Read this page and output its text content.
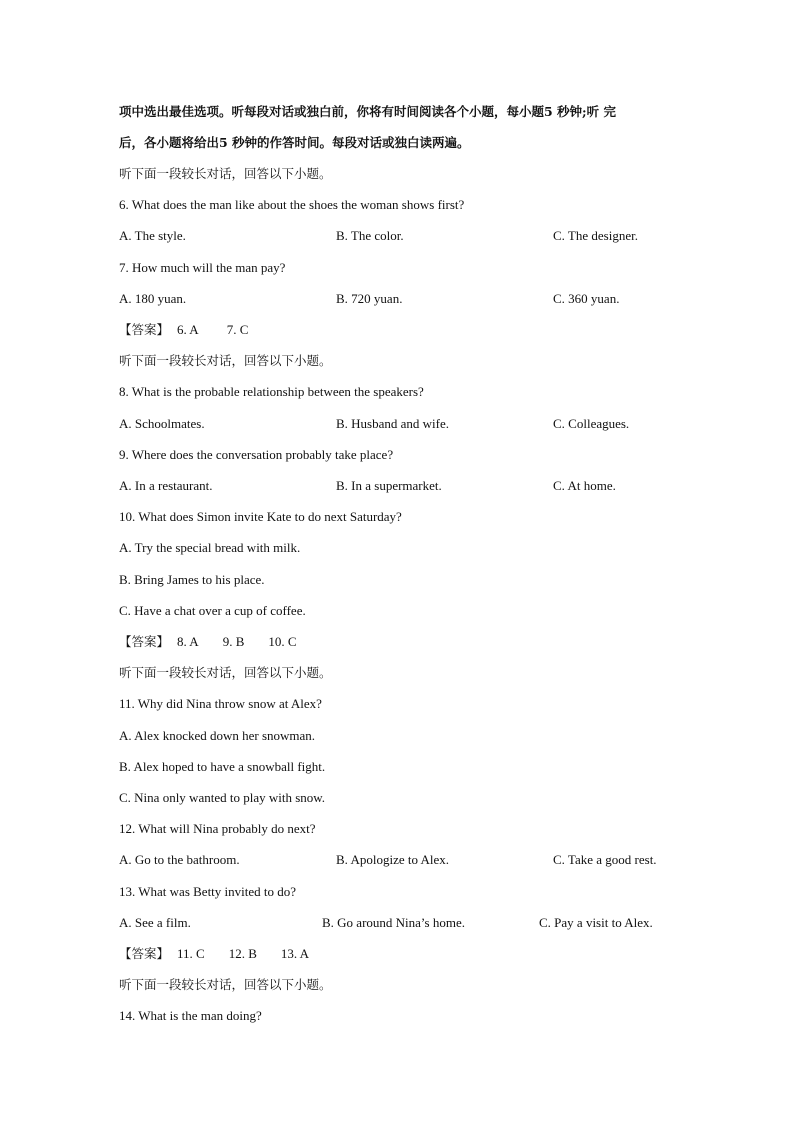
项中选出最佳选项。听每段对话或独白前，你将有时间阅读各个小题，每小题5 秒钟;听 完
后，各小题将给出5 秒钟的作答时间。每段对话或独白读两遍。
听下面一段较长对话，回答以下小题。
6. What does the man like about the shoes the woman shows first?
A. The style.	B. The color.	C. The designer.
7. How much will the man pay?
A. 180 yuan.	B. 720 yuan.	C. 360 yuan.
【答案】 6. A 7. C
听下面一段较长对话，回答以下小题。
8. What is the probable relationship between the speakers?
A. Schoolmates.	B. Husband and wife.	C. Colleagues.
9. Where does the conversation probably take place?
A. In a restaurant.	B. In a supermarket.	C. At home.
10. What does Simon invite Kate to do next Saturday?
A. Try the special bread with milk.
B. Bring James to his place.
C. Have a chat over a cup of coffee.
【答案】 8. A 9. B 10. C
听下面一段较长对话，回答以下小题。
11. Why did Nina throw snow at Alex?
A. Alex knocked down her snowman.
B. Alex hoped to have a snowball fight.
C. Nina only wanted to play with snow.
12. What will Nina probably do next?
A. Go to the bathroom.	B. Apologize to Alex.	C. Take a good rest.
13. What was Betty invited to do?
A. See a film.	B. Go around Nina’s home.	C. Pay a visit to Alex.
【答案】 11. C 12. B 13. A
听下面一段较长对话，回答以下小题。
14. What is the man doing?
